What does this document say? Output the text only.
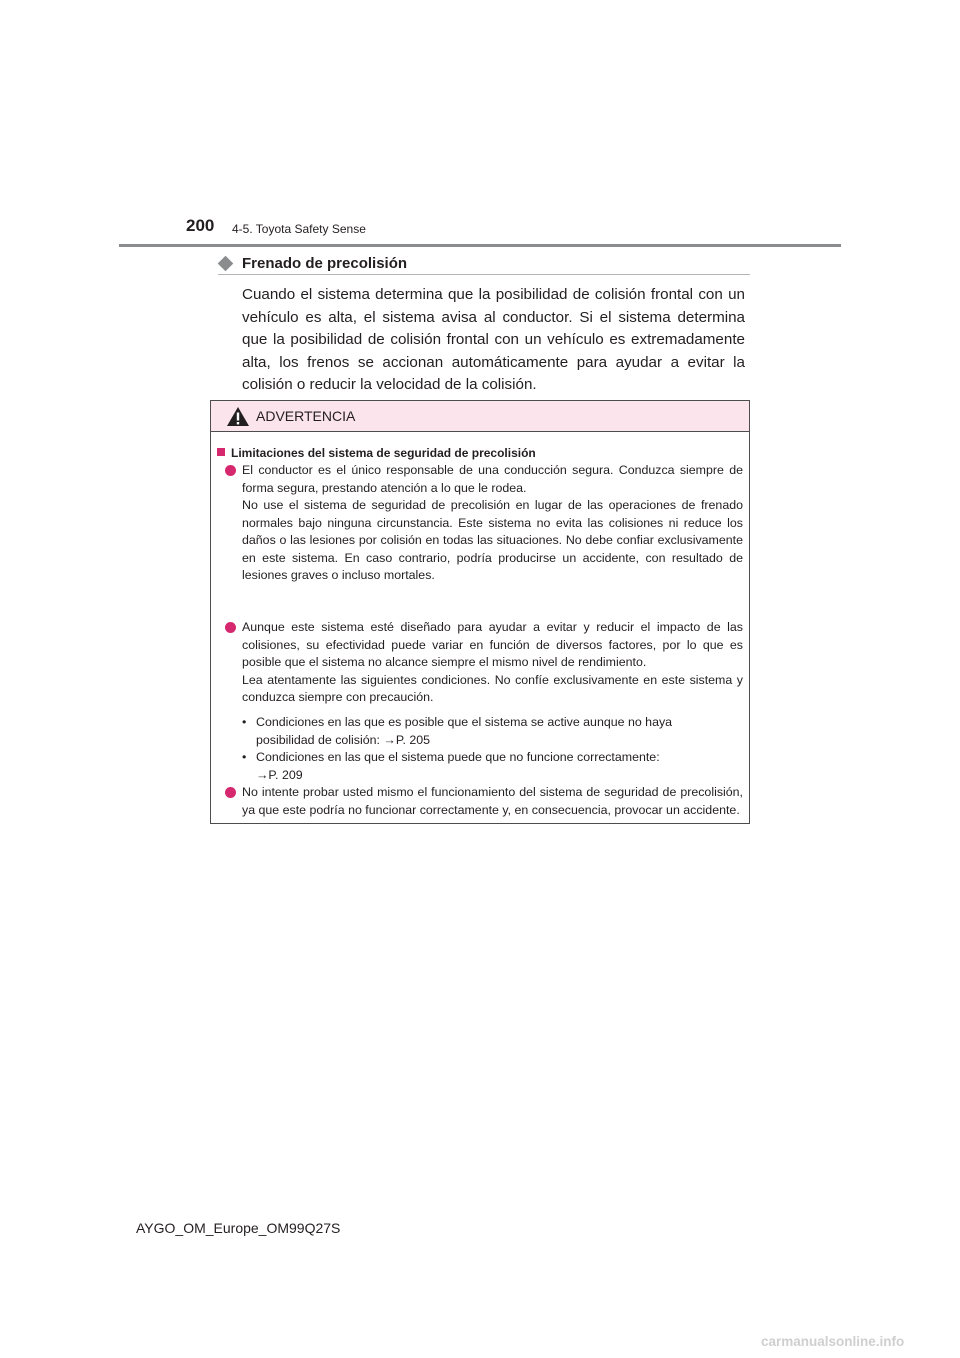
200 4-5. Toyota Safety Sense
Frenado de precolisión

Cuando el sistema determina que la posibilidad de colisión frontal con un vehículo es alta, el sistema avisa al conductor. Si el sistema determina que la posibilidad de colisión frontal con un vehículo es extremadamente alta, los frenos se accionan automáticamente para ayudar a evitar la colisión o reducir la velocidad de la colisión.

ADVERTENCIA
Limitaciones del sistema de seguridad de precolisión
El conductor es el único responsable de una conducción segura. Conduzca siempre de forma segura, prestando atención a lo que le rodea.
No use el sistema de seguridad de precolisión en lugar de las operaciones de frenado normales bajo ninguna circunstancia. Este sistema no evita las colisiones ni reduce los daños o las lesiones por colisión en todas las situaciones. No debe confiar exclusivamente en este sistema. En caso contrario, podría producirse un accidente, con resultado de lesiones graves o incluso mortales.
Aunque este sistema esté diseñado para ayudar a evitar y reducir el impacto de las colisiones, su efectividad puede variar en función de diversos factores, por lo que es posible que el sistema no alcance siempre el mismo nivel de rendimiento.
Lea atentamente las siguientes condiciones. No confíe exclusivamente en este sistema y conduzca siempre con precaución.
• Condiciones en las que es posible que el sistema se active aunque no haya posibilidad de colisión: →P. 205
• Condiciones en las que el sistema puede que no funcione correctamente:
→P. 209
No intente probar usted mismo el funcionamiento del sistema de seguridad de precolisión, ya que este podría no funcionar correctamente y, en consecuencia, provocar un accidente.
AYGO_OM_Europe_OM99Q27S
carmanualsonline.info
